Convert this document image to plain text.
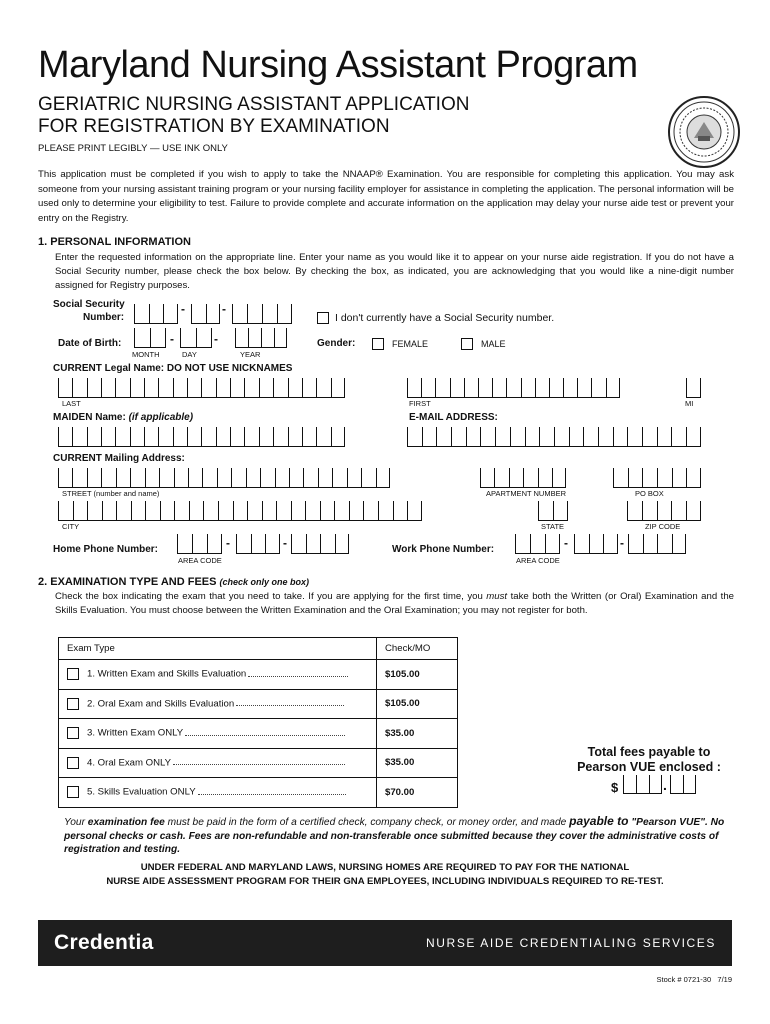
Maryland Nursing Assistant Program
GERIATRIC NURSING ASSISTANT APPLICATION
FOR REGISTRATION BY EXAMINATION
PLEASE PRINT LEGIBLY — USE INK ONLY
This application must be completed if you wish to apply to take the NNAAP® Examination. You are responsible for completing this application. You may ask someone from your nursing assistant training program or your nursing facility employer for assistance in completing the application. The personal information will be used only to determine your eligibility to test. Failure to provide complete and accurate information on the application may delay your nurse aide test or prevent your entry on the Registry.
1. PERSONAL INFORMATION
Enter the requested information on the appropriate line. Enter your name as you would like it to appear on your nurse aide registration. If you do not have a Social Security number, please check the box below. By checking the box, as indicated, you are acknowledging that you would like a nine-digit number assigned for Registry purposes.
Social Security
Number:
-	-
I don't currently have a Social Security number.
Date of Birth:	-	-
MONTH	DAY	YEAR
Gender:	FEMALE	MALE
CURRENT Legal Name: DO NOT USE NICKNAMES
LAST	FIRST	MI
MAIDEN Name: (if applicable)	E-MAIL ADDRESS:
CURRENT Mailing Address:
STREET (number and name)	APARTMENT NUMBER	PO BOX
CITY	STATE	ZIP CODE
Home Phone Number:	-	-
AREA CODE
Work Phone Number:	-	-
AREA CODE
2. EXAMINATION TYPE AND FEES (check only one box)
Check the box indicating the exam that you need to take. If you are applying for the first time, you must take both the Written (or Oral) Examination and the Skills Evaluation. You must choose between the Written Examination and the Oral Examination; you may not register for both.
Exam Type	Check/MO
1. Written Exam and Skills Evaluation	$105.00
2. Oral Exam and Skills Evaluation	$105.00
3. Written Exam ONLY	$35.00
4. Oral Exam ONLY	$35.00
5. Skills Evaluation ONLY	$70.00
Total fees payable to
Pearson VUE enclosed :
$	.
Your examination fee must be paid in the form of a certified check, company check, or money order, and made payable to "Pearson VUE". No personal checks or cash. Fees are non-refundable and non-transferable once submitted because they cover the administrative costs of registration and testing.
UNDER FEDERAL AND MARYLAND LAWS, NURSING HOMES ARE REQUIRED TO PAY FOR THE NATIONAL
NURSE AIDE ASSESSMENT PROGRAM FOR THEIR GNA EMPLOYEES, INCLUDING INDIVIDUALS REQUIRED TO RE-TEST.
Credentia	NURSE AIDE CREDENTIALING SERVICES
Stock # 0721-30   7/19
